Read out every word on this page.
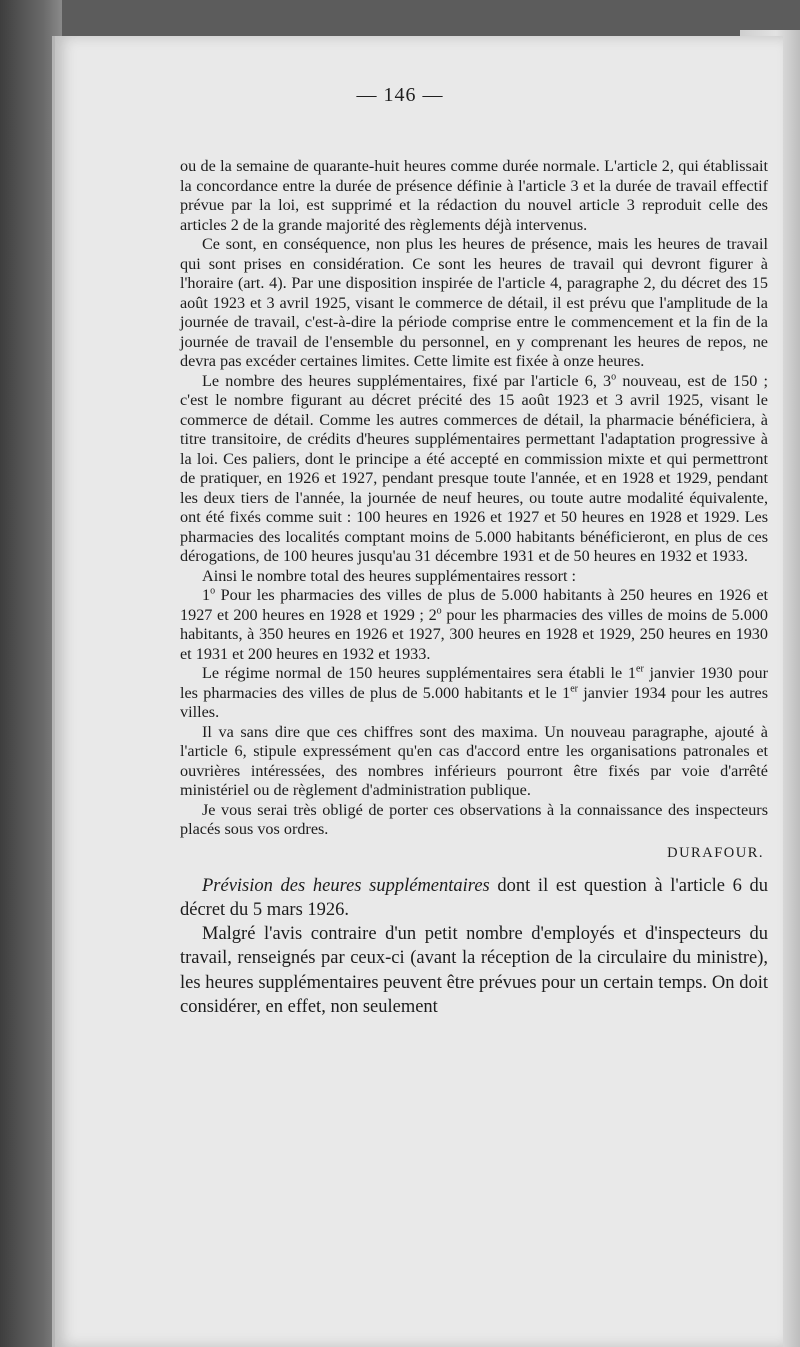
— 146 —

ou de la semaine de quarante-huit heures comme durée normale. L'article 2, qui établissait la concordance entre la durée de présence définie à l'article 3 et la durée de travail effectif prévue par la loi, est supprimé et la rédaction du nouvel article 3 reproduit celle des articles 2 de la grande majorité des règlements déjà intervenus.

Ce sont, en conséquence, non plus les heures de présence, mais les heures de travail qui sont prises en considération. Ce sont les heures de travail qui devront figurer à l'horaire (art. 4). Par une disposition inspirée de l'article 4, paragraphe 2, du décret des 15 août 1923 et 3 avril 1925, visant le commerce de détail, il est prévu que l'amplitude de la journée de travail, c'est-à-dire la période comprise entre le commencement et la fin de la journée de travail de l'ensemble du personnel, en y comprenant les heures de repos, ne devra pas excéder certaines limites. Cette limite est fixée à onze heures.

Le nombre des heures supplémentaires, fixé par l'article 6, 3$^o$ nouveau, est de 150 ; c'est le nombre figurant au décret précité des 15 août 1923 et 3 avril 1925, visant le commerce de détail. Comme les autres commerces de détail, la pharmacie bénéficiera, à titre transitoire, de crédits d'heures supplémentaires permettant l'adaptation progressive à la loi. Ces paliers, dont le principe a été accepté en commission mixte et qui permettront de pratiquer, en 1926 et 1927, pendant presque toute l'année, et en 1928 et 1929, pendant les deux tiers de l'année, la journée de neuf heures, ou toute autre modalité équivalente, ont été fixés comme suit : 100 heures en 1926 et 1927 et 50 heures en 1928 et 1929. Les pharmacies des localités comptant moins de 5.000 habitants bénéficieront, en plus de ces dérogations, de 100 heures jusqu'au 31 décembre 1931 et de 50 heures en 1932 et 1933.

Ainsi le nombre total des heures supplémentaires ressort :

1$^o$ Pour les pharmacies des villes de plus de 5.000 habitants à 250 heures en 1926 et 1927 et 200 heures en 1928 et 1929 ; 2$^o$ pour les pharmacies des villes de moins de 5.000 habitants, à 350 heures en 1926 et 1927, 300 heures en 1928 et 1929, 250 heures en 1930 et 1931 et 200 heures en 1932 et 1933.

Le régime normal de 150 heures supplémentaires sera établi le 1er janvier 1930 pour les pharmacies des villes de plus de 5.000 habitants et le 1er janvier 1934 pour les autres villes.

Il va sans dire que ces chiffres sont des maxima. Un nouveau paragraphe, ajouté à l'article 6, stipule expressément qu'en cas d'accord entre les organisations patronales et ouvrières intéressées, des nombres inférieurs pourront être fixés par voie d'arrêté ministériel ou de règlement d'administration publique.

Je vous serai très obligé de porter ces observations à la connaissance des inspecteurs placés sous vos ordres.

DURAFOUR.

Prévision des heures supplémentaires dont il est question à l'article 6 du décret du 5 mars 1926.

Malgré l'avis contraire d'un petit nombre d'employés et d'inspecteurs du travail, renseignés par ceux-ci (avant la réception de la circulaire du ministre), les heures supplémentaires peuvent être prévues pour un certain temps. On doit considérer, en effet, non seulement
